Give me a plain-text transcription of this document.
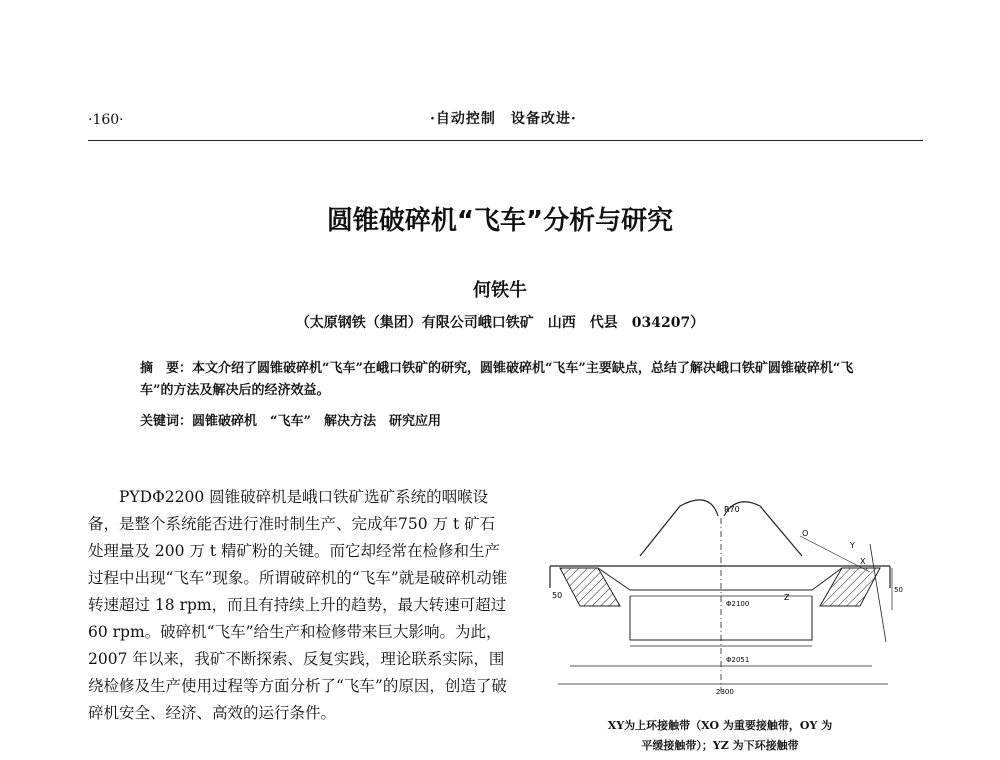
·160·	·自动控制　设备改进·
圆锥破碎机“飞车”分析与研究
何铁牛
（太原钢铁（集团）有限公司峨口铁矿　山西　代县　034207）

摘　要：本文介绍了圆锥破碎机“飞车”在峨口铁矿的研究，圆锥破碎机“飞车”主要缺点，总结了解决峨口铁矿圆锥破碎机“飞车”的方法及解决后的经济效益。

关键词：圆锥破碎机　“飞车”　解决方法　研究应用

PYDΦ2200 圆锥破碎机是峨口铁矿选矿系统的咽喉设备，是整个系统能否进行准时制生产、完成年750 万 t 矿石处理量及 200 万 t 精矿粉的关键。而它却经常在检修和生产过程中出现“飞车”现象。所谓破碎机的“飞车”就是破碎机动锥转速超过 18 rpm，而且有持续上升的趋势，最大转速可超过 60 rpm。破碎机“飞车”给生产和检修带来巨大影响。为此，2007 年以来，我矿不断探索、反复实践，理论联系实际，围绕检修及生产使用过程等方面分析了“飞车”的原因，创造了破碎机安全、经济、高效的运行条件。

R70
50
Φ2100
Φ2051
2300
O
X
Z
Y
50
XY为上环接触带（XO 为重要接触带，OY 为
平缓接触带）；YZ 为下环接触带
